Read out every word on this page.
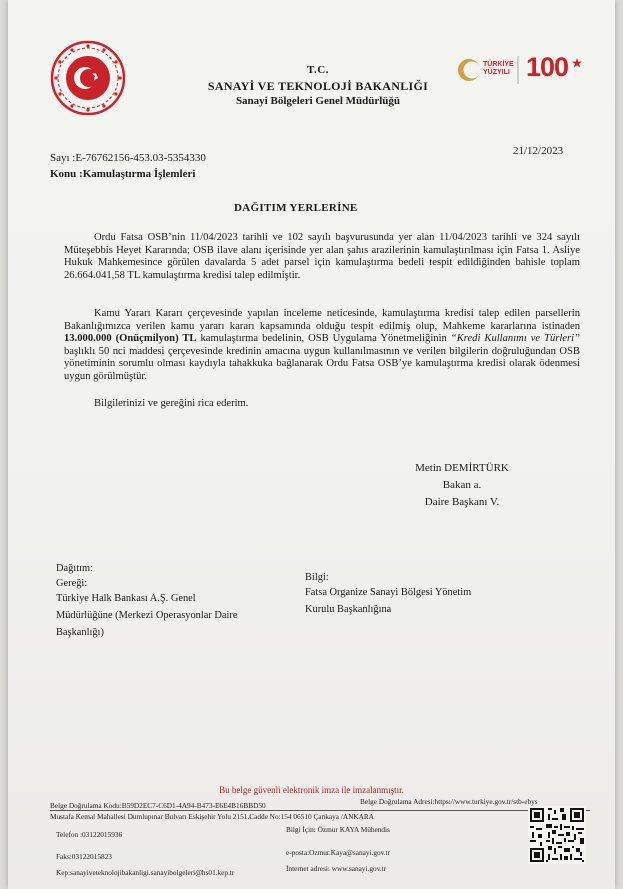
T.C.
SANAYİ VE TEKNOLOJİ BAKANLIĞI
Sanayi Bölgeleri Genel Müdürlüğü
TÜRKİYE
YÜZYILI 100
Sayı :E-76762156-453.03-5354330
Konu :Kamulaştırma İşlemleri
21/12/2023
DAĞITIM YERLERİNE
Ordu Fatsa OSB’nin 11/04/2023 tarihli ve 102 sayılı başvurusunda yer alan 11/04/2023 tarihli ve 324 sayılı Müteşebbis Heyet Kararında; OSB ilave alanı içerisinde yer alan şahıs arazilerinin kamulaştırılması için Fatsa 1. Asliye Hukuk Mahkemesince görülen davalarda 5 adet parsel için kamulaştırma bedeli tespit edildiğinden bahisle toplam 26.664.041,58 TL kamulaştırma kredisi talep edilmiştir.
Kamu Yararı Kararı çerçevesinde yapılan inceleme neticesinde, kamulaştırma kredisi talep edilen parsellerin Bakanlığımızca verilen kamu yararı kararı kapsamında olduğu tespit edilmiş olup, Mahkeme kararlarına istinaden 13.000.000 (Onüçmilyon) TL kamulaştırma bedelinin, OSB Uygulama Yönetmeliğinin “Kredi Kullanımı ve Türleri” başlıklı 50 nci maddesi çerçevesinde kredinin amacına uygun kullanılmasının ve verilen bilgilerin doğruluğundan OSB yönetiminin sorumlu olması kaydıyla tahakkuka bağlanarak Ordu Fatsa OSB’ye kamulaştırma kredisi olarak ödenmesi uygun görülmüştür.
Bilgilerinizi ve gereğini rica ederim.
Metin DEMİRTÜRK
Bakan a.
Daire Başkanı V.
Dağıtım:
Gereği:
Türkiye Halk Bankası A.Ş. Genel
Müdürlüğüne (Merkezi Operasyonlar Daire
Başkanlığı)
Bilgi:
Fatsa Organize Sanayi Bölgesi Yönetim
Kurulu Başkanlığına
Bu belge güvenli elektronik imza ile imzalanmıştır.
Belge Doğrulama Kodu:B59D2EC7-C6D1-4A94-B473-E6E4B16BBD50	Belge Doğrulama Adresi:https://www.turkiye.gov.tr/stb-ebys
Mustafa Kemal Mahallesi Dumlupınar Bulvarı Eskişehir Yolu 2151.Cadde No:154 06510 Çankaya /ANKARA
Telefon :03122015936
Bilgi İçin: Özmur KAYA Mühendis
Faks:03122015823	e-posta:Ozmur.Kaya@sanayi.gov.tr
Kep:sanayiveteknolojibakanligi.sanayibolgeleri@hs01.kep.tr	İnternet adresi: www.sanayi.gov.tr
